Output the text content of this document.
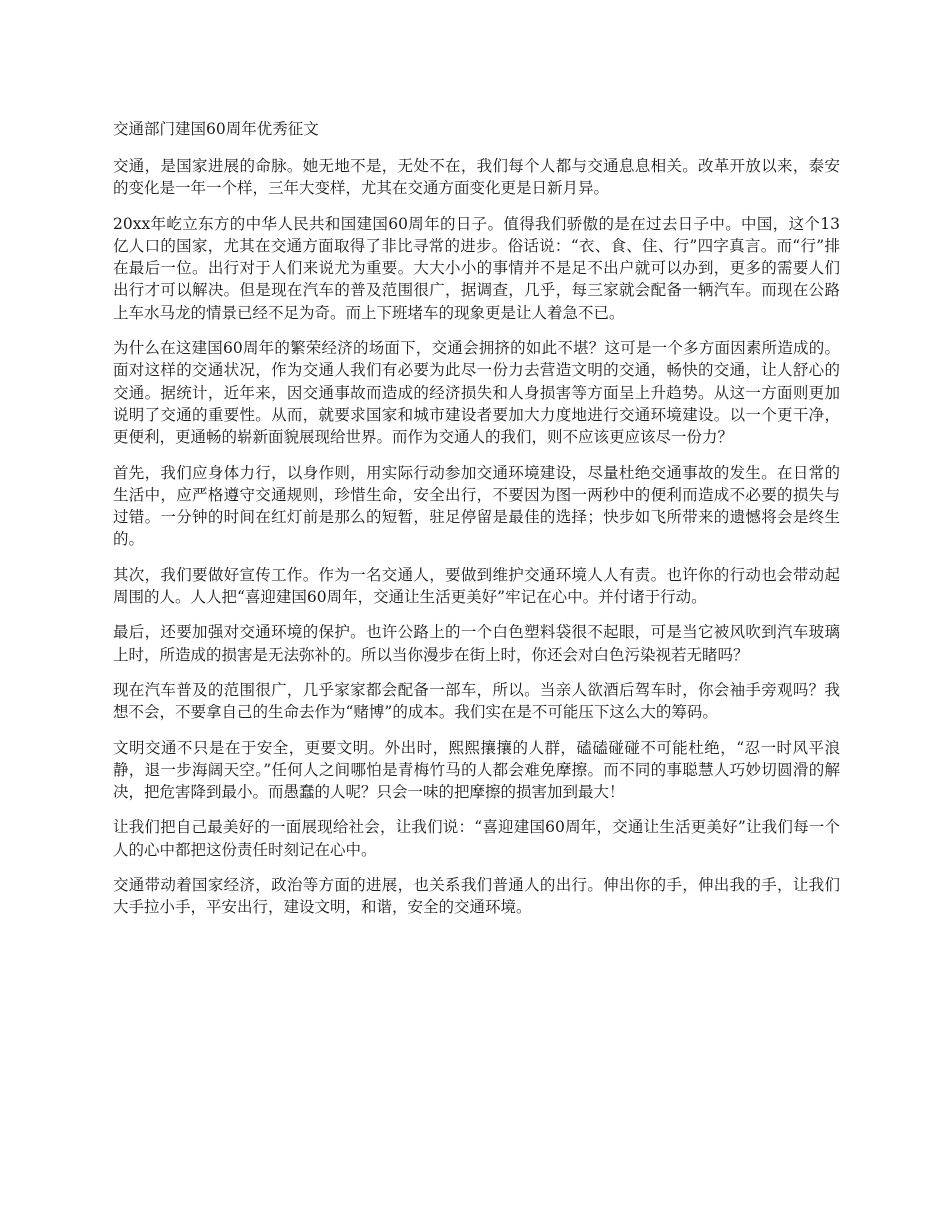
交通部门建国60周年优秀征文

交通，是国家进展的命脉。她无地不是，无处不在，我们每个人都与交通息息相关。改革开放以来，泰安的变化是一年一个样，三年大变样，尤其在交通方面变化更是日新月异。

20xx年屹立东方的中华人民共和国建国60周年的日子。值得我们骄傲的是在过去日子中。中国，这个13亿人口的国家，尤其在交通方面取得了非比寻常的进步。俗话说：“衣、食、住、行”四字真言。而“行”排在最后一位。出行对于人们来说尤为重要。大大小小的事情并不是足不出户就可以办到，更多的需要人们出行才可以解决。但是现在汽车的普及范围很广，据调查，几乎，每三家就会配备一辆汽车。而现在公路上车水马龙的情景已经不足为奇。而上下班堵车的现象更是让人着急不已。

为什么在这建国60周年的繁荣经济的场面下，交通会拥挤的如此不堪？这可是一个多方面因素所造成的。面对这样的交通状况，作为交通人我们有必要为此尽一份力去营造文明的交通，畅快的交通，让人舒心的交通。据统计，近年来，因交通事故而造成的经济损失和人身损害等方面呈上升趋势。从这一方面则更加说明了交通的重要性。从而，就要求国家和城市建设者要加大力度地进行交通环境建设。以一个更干净，更便利，更通畅的崭新面貌展现给世界。而作为交通人的我们，则不应该更应该尽一份力？

首先，我们应身体力行，以身作则，用实际行动参加交通环境建设，尽量杜绝交通事故的发生。在日常的生活中，应严格遵守交通规则，珍惜生命，安全出行，不要因为图一两秒中的便利而造成不必要的损失与过错。一分钟的时间在红灯前是那么的短暂，驻足停留是最佳的选择；快步如飞所带来的遗憾将会是终生的。

其次，我们要做好宣传工作。作为一名交通人，要做到维护交通环境人人有责。也许你的行动也会带动起周围的人。人人把“喜迎建国60周年，交通让生活更美好”牢记在心中。并付诸于行动。

最后，还要加强对交通环境的保护。也许公路上的一个白色塑料袋很不起眼，可是当它被风吹到汽车玻璃上时，所造成的损害是无法弥补的。所以当你漫步在街上时，你还会对白色污染视若无睹吗？

现在汽车普及的范围很广，几乎家家都会配备一部车，所以。当亲人欲酒后驾车时，你会袖手旁观吗？我想不会，不要拿自己的生命去作为“赌博”的成本。我们实在是不可能压下这么大的筹码。

文明交通不只是在于安全，更要文明。外出时，熙熙攘攘的人群，磕磕碰碰不可能杜绝，“忍一时风平浪静，退一步海阔天空。”任何人之间哪怕是青梅竹马的人都会难免摩擦。而不同的事聪慧人巧妙切圆滑的解决，把危害降到最小。而愚蠢的人呢？只会一味的把摩擦的损害加到最大！

让我们把自己最美好的一面展现给社会，让我们说：“喜迎建国60周年，交通让生活更美好”让我们每一个人的心中都把这份责任时刻记在心中。

交通带动着国家经济，政治等方面的进展，也关系我们普通人的出行。伸出你的手，伸出我的手，让我们大手拉小手，平安出行，建设文明，和谐，安全的交通环境。
